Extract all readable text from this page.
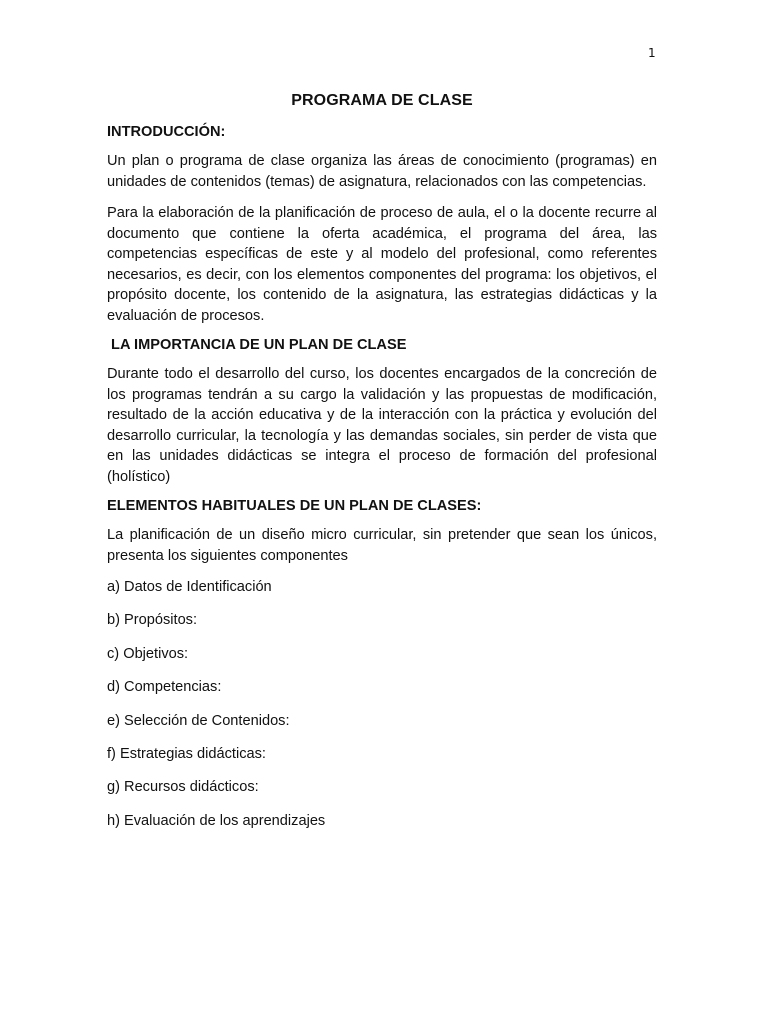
1
PROGRAMA DE CLASE
INTRODUCCIÓN:

Un plan o programa de clase organiza las áreas de conocimiento (programas) en unidades de contenidos (temas) de asignatura, relacionados con las competencias.

Para la elaboración de la planificación de proceso de aula, el o la docente recurre al documento que contiene la oferta académica, el programa del área, las competencias específicas de este y al modelo del profesional, como referentes necesarios, es decir, con los elementos componentes del programa: los objetivos, el propósito docente, los contenido de la asignatura, las estrategias didácticas y la evaluación de procesos.

LA IMPORTANCIA DE UN PLAN DE CLASE

Durante todo el desarrollo del curso, los docentes encargados de la concreción de los programas tendrán a su cargo la validación y las propuestas de modificación, resultado de la acción educativa y de la interacción con la práctica y evolución del desarrollo curricular, la tecnología y las demandas sociales, sin perder de vista que en las unidades didácticas se integra el proceso de formación del profesional (holístico)

ELEMENTOS HABITUALES DE UN PLAN DE CLASES:

La planificación de un diseño micro curricular, sin pretender que sean los únicos, presenta los siguientes componentes

a) Datos de Identificación
b) Propósitos:
c) Objetivos:
d) Competencias:
e) Selección de Contenidos:
f) Estrategias didácticas:
g) Recursos didácticos:
h) Evaluación de los aprendizajes
